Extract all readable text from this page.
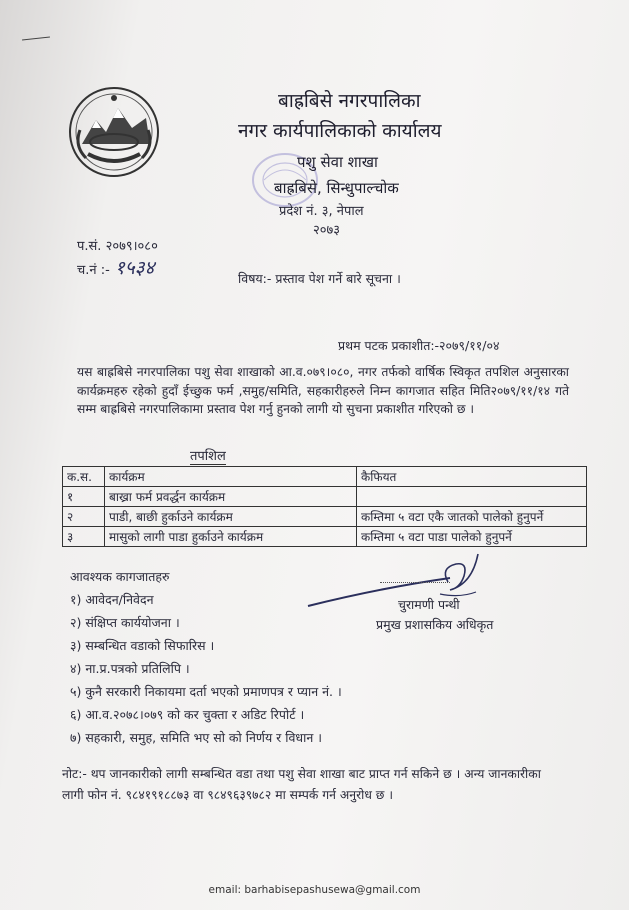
बाह्रबिसे नगरपालिका
नगर कार्यपालिकाको कार्यालय
पशु सेवा शाखा
बाह्रबिसे, सिन्धुपाल्चोक
प्रदेश नं. ३, नेपाल
२०७३
प.सं. २०७९।०८०
च.नं :- १५३४	विषय:- प्रस्ताव पेश गर्ने बारे सूचना ।
प्रथम पटक प्रकाशीत:-२०७९/११/०४
यस बाह्रबिसे नगरपालिका पशु सेवा शाखाको आ.व.०७९।०८०, नगर तर्फको वार्षिक स्विकृत तपशिल अनुसारका कार्यक्रमहरु रहेको हुदाँ ईच्छुक फर्म ,समुह/समिति, सहकारीहरुले निम्न कागजात सहित मिति२०७९/११/१४ गते सम्म बाह्रबिसे नगरपालिकामा प्रस्ताव पेश गर्नु हुनको लागी यो सुचना प्रकाशीत गरिएको छ ।
तपशिल
क.स.	कार्यक्रम	कैफियत
१	बाख्रा फर्म प्रवर्द्धन कार्यक्रम	
२	पाडी, बाछी हुर्काउने कार्यक्रम	कम्तिमा ५ वटा एकै जातको पालेको हुनुपर्ने
३	मासुको लागी पाडा हुर्काउने कार्यक्रम	कम्तिमा ५ वटा पाडा पालेको हुनुपर्ने
आवश्यक कागजातहरु
१) आवेदन/निवेदन
२) संक्षिप्त कार्ययोजना ।
३) सम्बन्धित वडाको सिफारिस ।
४) ना.प्र.पत्रको प्रतिलिपि ।
५) कुनै सरकारी निकायमा दर्ता भएको प्रमाणपत्र र प्यान नं. ।
६) आ.व.२०७८।०७९ को कर चुक्ता र अडिट रिपोर्ट ।
७) सहकारी, समुह, समिति भए सो को निर्णय र विधान ।
चुरामणी पन्थी
प्रमुख प्रशासकिय अधिकृत
नोट:- थप जानकारीको लागी सम्बन्धित वडा तथा पशु सेवा शाखा बाट प्राप्त गर्न सकिने छ । अन्य जानकारीका लागी फोन नं. ९८४१९१८८७३ वा ९८४९६३९७८२ मा सम्पर्क गर्न अनुरोध छ ।
email: barhabisepashusewa@gmail.com
